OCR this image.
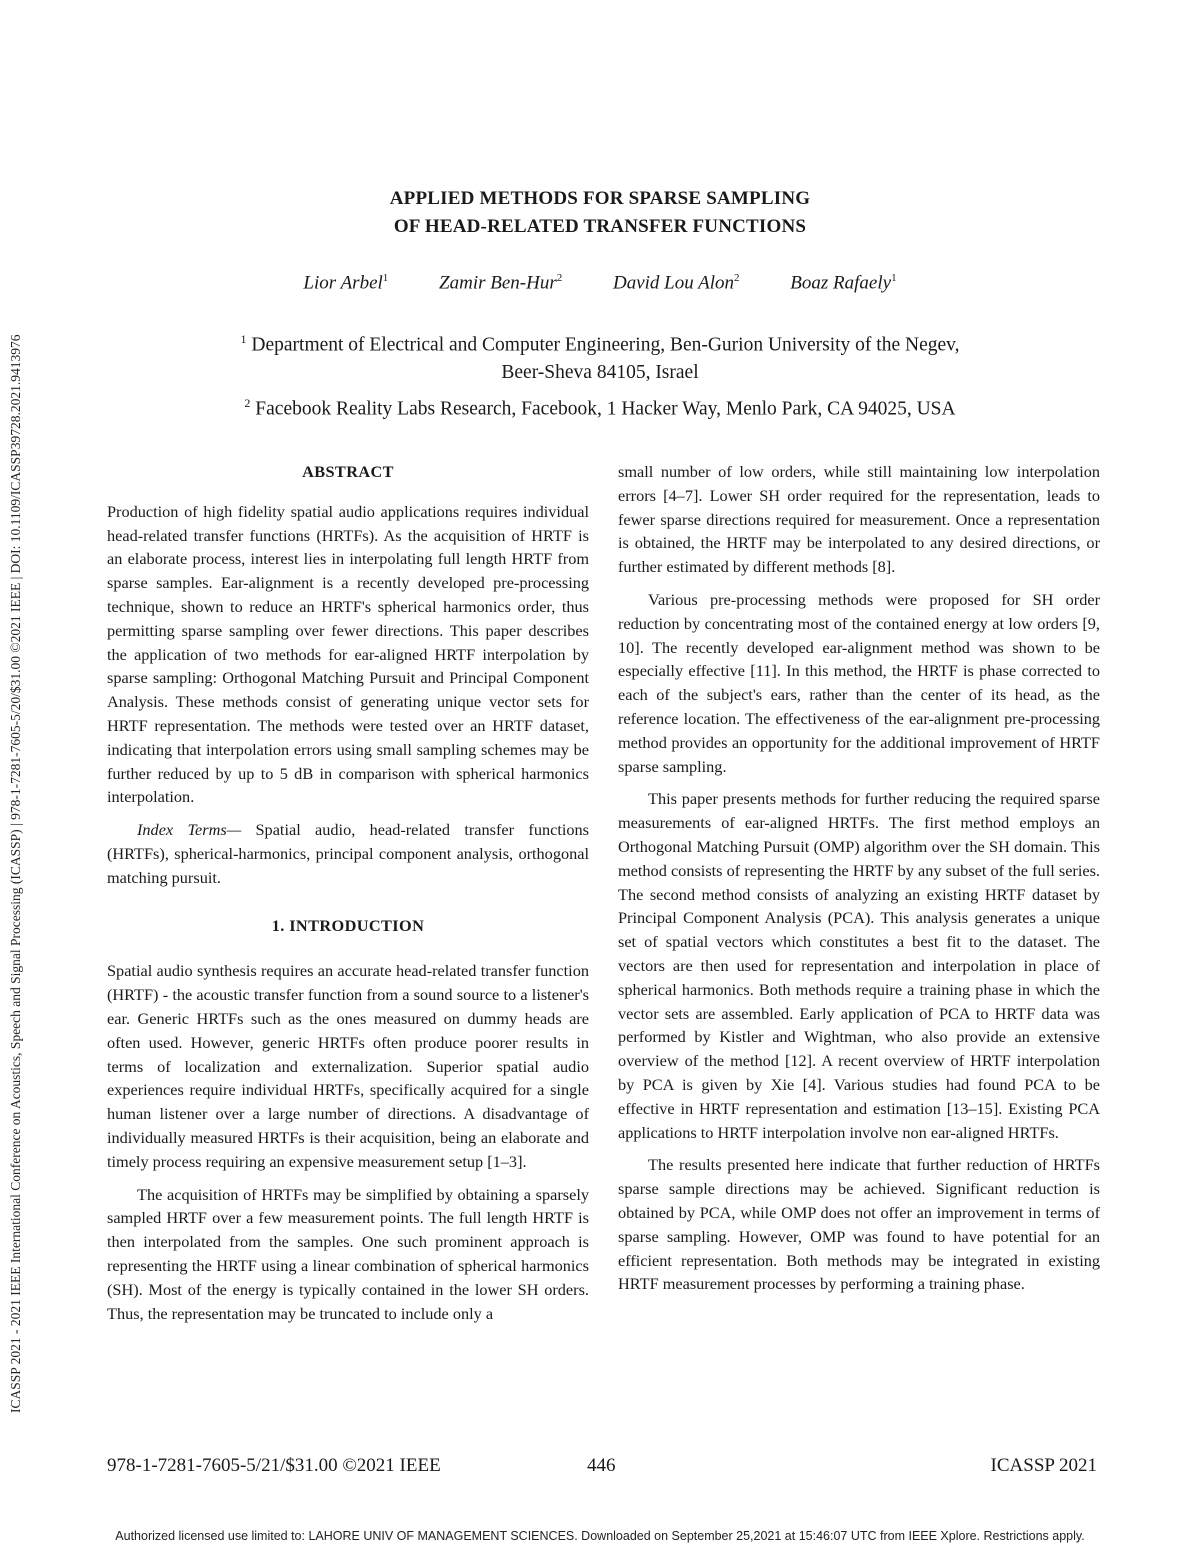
ICASSP 2021 - 2021 IEEE International Conference on Acoustics, Speech and Signal Processing (ICASSP) | 978-1-7281-7605-5/20/$31.00 ©2021 IEEE | DOI: 10.1109/ICASSP39728.2021.9413976
APPLIED METHODS FOR SPARSE SAMPLING
OF HEAD-RELATED TRANSFER FUNCTIONS
Lior Arbel$^1$	Zamir Ben-Hur$^2$	David Lou Alon$^2$	Boaz Rafaely$^1$
$^1$ Department of Electrical and Computer Engineering, Ben-Gurion University of the Negev,
Beer-Sheva 84105, Israel
$^2$ Facebook Reality Labs Research, Facebook, 1 Hacker Way, Menlo Park, CA 94025, USA
ABSTRACT

Production of high fidelity spatial audio applications requires individual head-related transfer functions (HRTFs). As the acquisition of HRTF is an elaborate process, interest lies in interpolating full length HRTF from sparse samples. Ear-alignment is a recently developed pre-processing technique, shown to reduce an HRTF's spherical harmonics order, thus permitting sparse sampling over fewer directions. This paper describes the application of two methods for ear-aligned HRTF interpolation by sparse sampling: Orthogonal Matching Pursuit and Principal Component Analysis. These methods consist of generating unique vector sets for HRTF representation. The methods were tested over an HRTF dataset, indicating that interpolation errors using small sampling schemes may be further reduced by up to 5 dB in comparison with spherical harmonics interpolation.

Index Terms— Spatial audio, head-related transfer functions (HRTFs), spherical-harmonics, principal component analysis, orthogonal matching pursuit.

1. INTRODUCTION

Spatial audio synthesis requires an accurate head-related transfer function (HRTF) - the acoustic transfer function from a sound source to a listener's ear. Generic HRTFs such as the ones measured on dummy heads are often used. However, generic HRTFs often produce poorer results in terms of localization and externalization. Superior spatial audio experiences require individual HRTFs, specifically acquired for a single human listener over a large number of directions. A disadvantage of individually measured HRTFs is their acquisition, being an elaborate and timely process requiring an expensive measurement setup [1–3].

The acquisition of HRTFs may be simplified by obtaining a sparsely sampled HRTF over a few measurement points. The full length HRTF is then interpolated from the samples. One such prominent approach is representing the HRTF using a linear combination of spherical harmonics (SH). Most of the energy is typically contained in the lower SH orders. Thus, the representation may be truncated to include only a

small number of low orders, while still maintaining low interpolation errors [4–7]. Lower SH order required for the representation, leads to fewer sparse directions required for measurement. Once a representation is obtained, the HRTF may be interpolated to any desired directions, or further estimated by different methods [8].

Various pre-processing methods were proposed for SH order reduction by concentrating most of the contained energy at low orders [9, 10]. The recently developed ear-alignment method was shown to be especially effective [11]. In this method, the HRTF is phase corrected to each of the subject's ears, rather than the center of its head, as the reference location. The effectiveness of the ear-alignment pre-processing method provides an opportunity for the additional improvement of HRTF sparse sampling.

This paper presents methods for further reducing the required sparse measurements of ear-aligned HRTFs. The first method employs an Orthogonal Matching Pursuit (OMP) algorithm over the SH domain. This method consists of representing the HRTF by any subset of the full series. The second method consists of analyzing an existing HRTF dataset by Principal Component Analysis (PCA). This analysis generates a unique set of spatial vectors which constitutes a best fit to the dataset. The vectors are then used for representation and interpolation in place of spherical harmonics. Both methods require a training phase in which the vector sets are assembled. Early application of PCA to HRTF data was performed by Kistler and Wightman, who also provide an extensive overview of the method [12]. A recent overview of HRTF interpolation by PCA is given by Xie [4]. Various studies had found PCA to be effective in HRTF representation and estimation [13–15]. Existing PCA applications to HRTF interpolation involve non ear-aligned HRTFs.

The results presented here indicate that further reduction of HRTFs sparse sample directions may be achieved. Significant reduction is obtained by PCA, while OMP does not offer an improvement in terms of sparse sampling. However, OMP was found to have potential for an efficient representation. Both methods may be integrated in existing HRTF measurement processes by performing a training phase.

978-1-7281-7605-5/21/$31.00 ©2021 IEEE	446	ICASSP 2021
Authorized licensed use limited to: LAHORE UNIV OF MANAGEMENT SCIENCES. Downloaded on September 25,2021 at 15:46:07 UTC from IEEE Xplore. Restrictions apply.
